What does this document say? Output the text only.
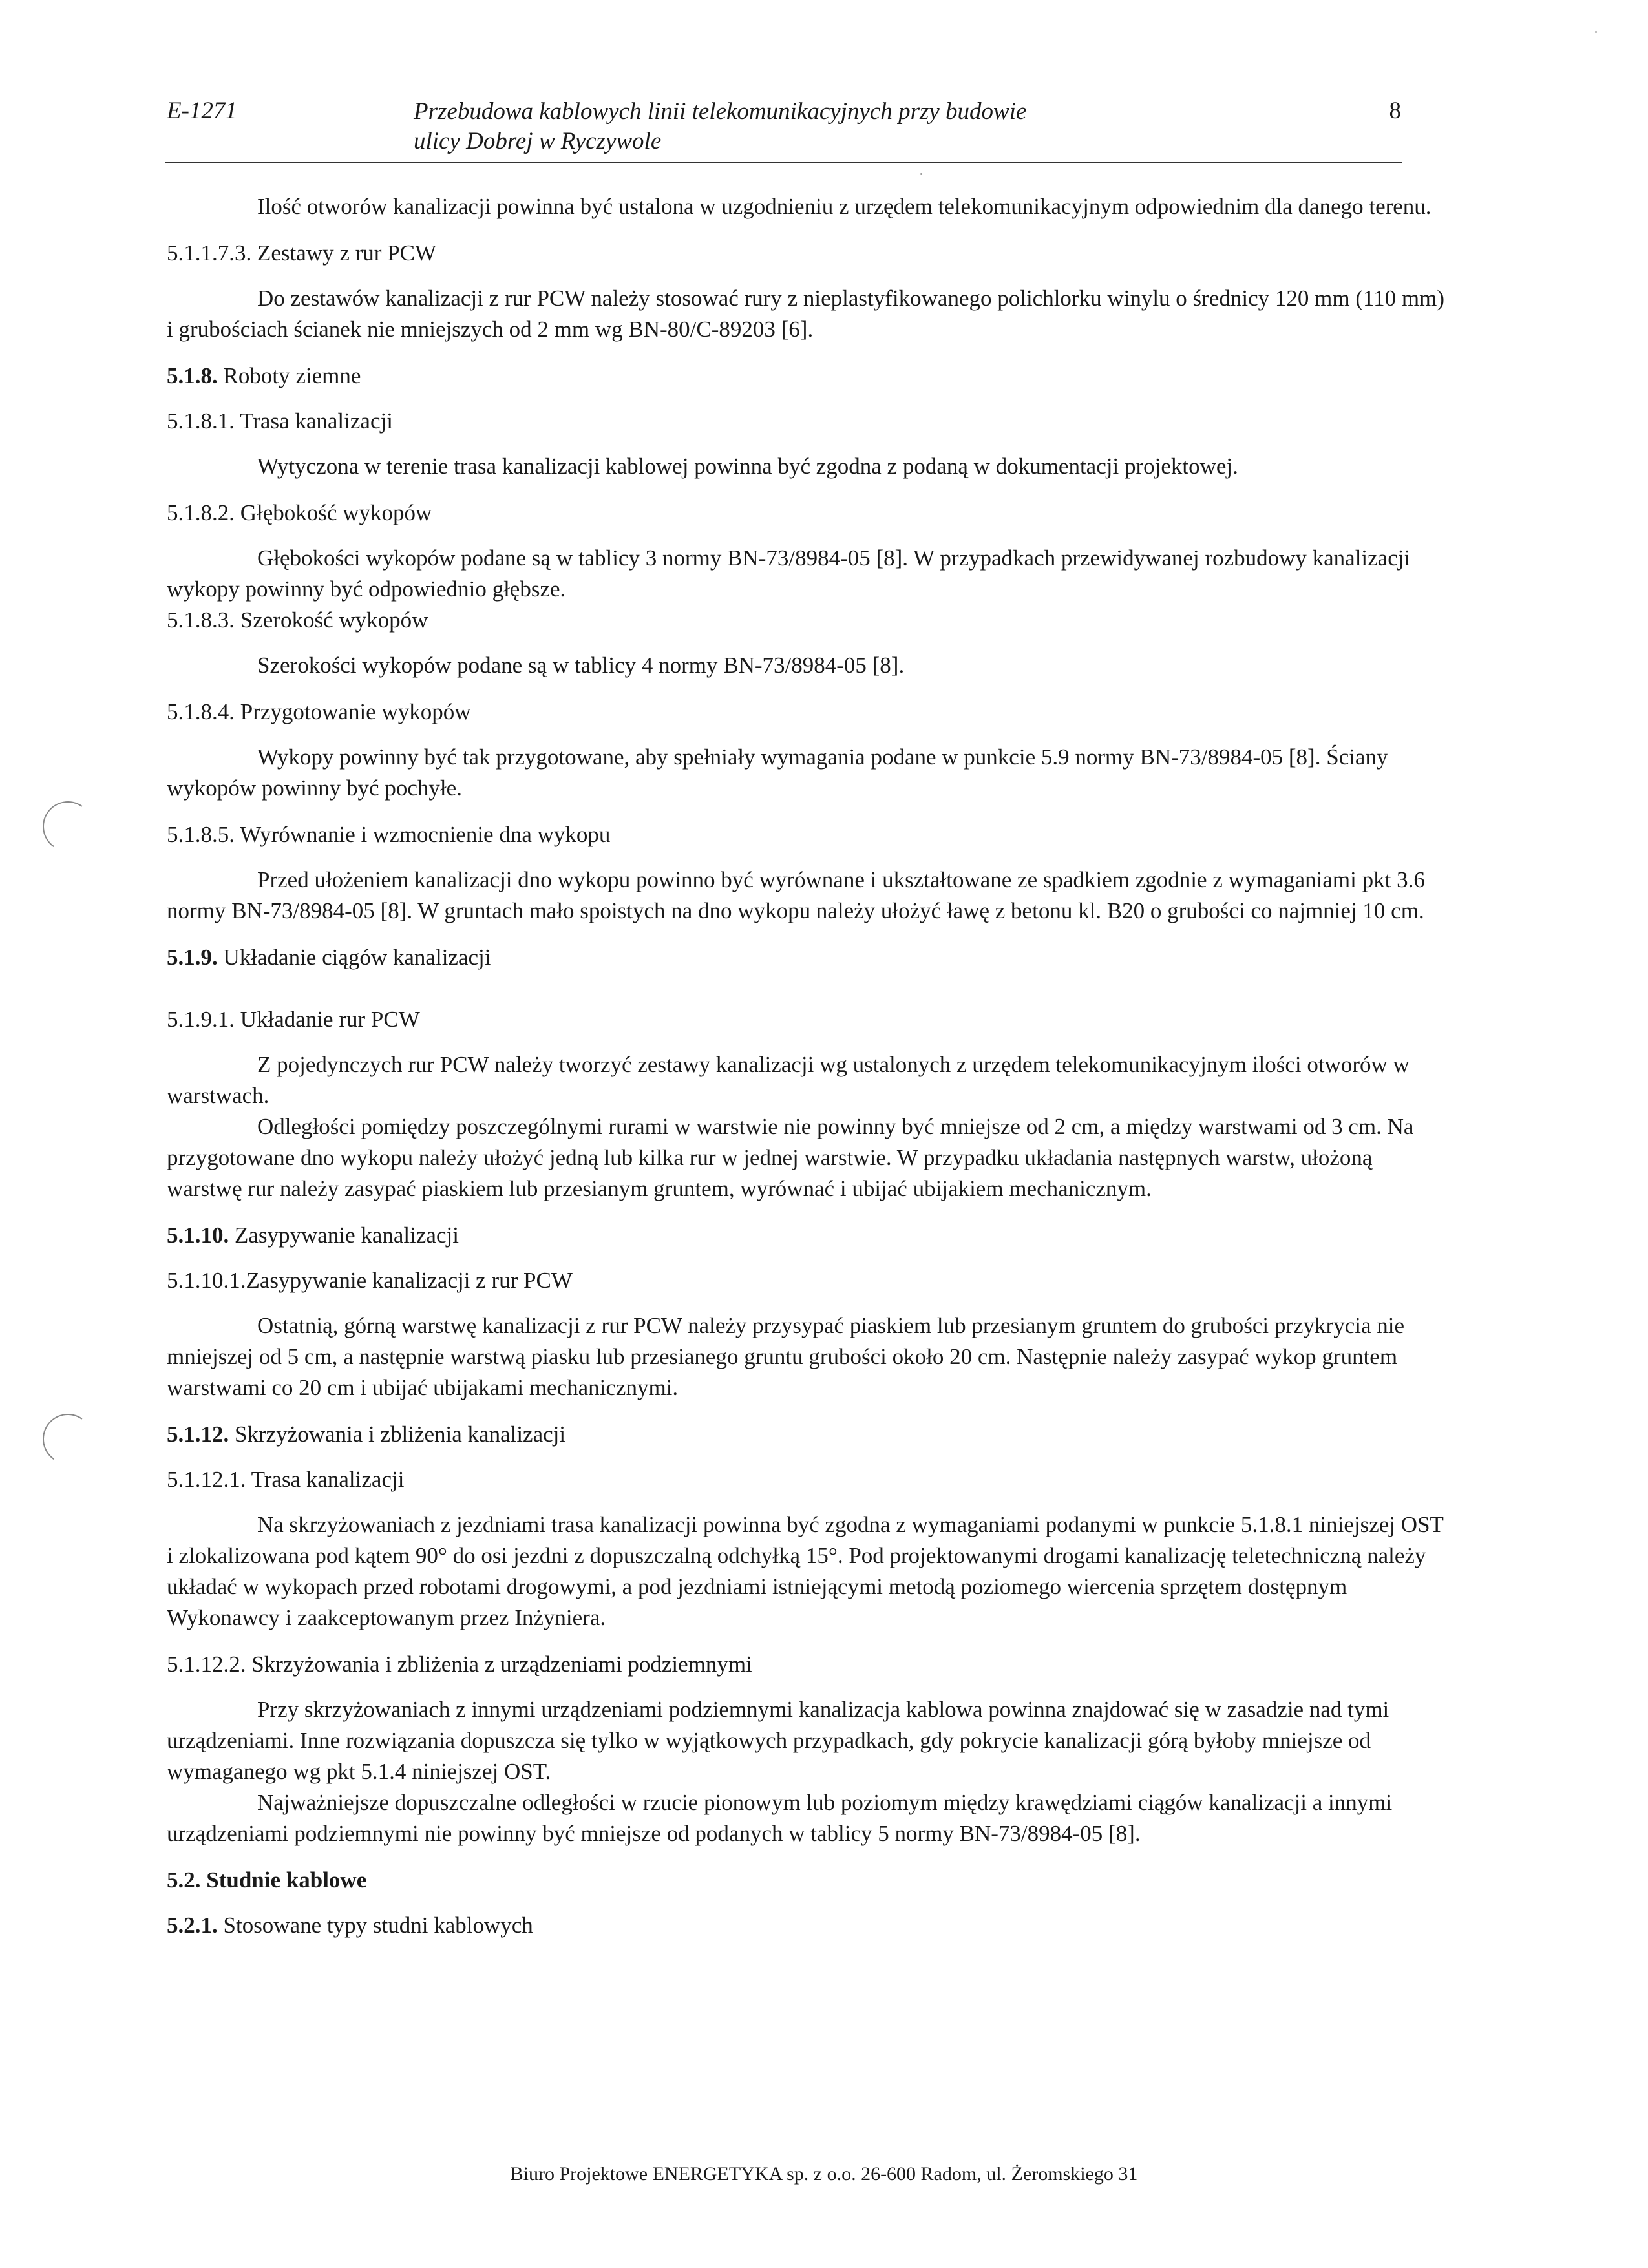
E-1271	Przebudowa kablowych linii telekomunikacyjnych przy budowie
ulicy Dobrej w Ryczywole
8

Ilość otworów kanalizacji powinna być ustalona w uzgodnieniu z urzędem telekomunikacyjnym odpowiednim dla danego terenu.

5.1.1.7.3. Zestawy z rur PCW

Do zestawów kanalizacji z rur PCW należy stosować rury z nieplastyfikowanego polichlorku winylu o średnicy 120 mm (110 mm) i grubościach ścianek nie mniejszych od 2 mm wg BN-80/C-89203 [6].

5.1.8. Roboty ziemne

5.1.8.1. Trasa kanalizacji

Wytyczona w terenie trasa kanalizacji kablowej powinna być zgodna z podaną w dokumentacji projektowej.

5.1.8.2. Głębokość wykopów

Głębokości wykopów podane są w tablicy 3 normy BN-73/8984-05 [8]. W przypadkach przewidywanej rozbudowy kanalizacji wykopy powinny być odpowiednio głębsze.

5.1.8.3. Szerokość wykopów

Szerokości wykopów podane są w tablicy 4 normy BN-73/8984-05 [8].

5.1.8.4. Przygotowanie wykopów

Wykopy powinny być tak przygotowane, aby spełniały wymagania podane w punkcie 5.9 normy BN-73/8984-05 [8]. Ściany wykopów powinny być pochyłe.

5.1.8.5. Wyrównanie i wzmocnienie dna wykopu

Przed ułożeniem kanalizacji dno wykopu powinno być wyrównane i ukształtowane ze spadkiem zgodnie z wymaganiami pkt 3.6 normy BN-73/8984-05 [8]. W gruntach mało spoistych na dno wykopu należy ułożyć ławę z betonu kl. B20 o grubości co najmniej 10 cm.

5.1.9. Układanie ciągów kanalizacji

5.1.9.1. Układanie rur PCW

Z pojedynczych rur PCW należy tworzyć zestawy kanalizacji wg ustalonych z urzędem telekomunikacyjnym ilości otworów w warstwach.

Odległości pomiędzy poszczególnymi rurami w warstwie nie powinny być mniejsze od 2 cm, a między warstwami od 3 cm. Na przygotowane dno wykopu należy ułożyć jedną lub kilka rur w jednej warstwie. W przypadku układania następnych warstw, ułożoną warstwę rur należy zasypać piaskiem lub przesianym gruntem, wyrównać i ubijać ubijakiem mechanicznym.

5.1.10. Zasypywanie kanalizacji

5.1.10.1.Zasypywanie kanalizacji z rur PCW

Ostatnią, górną warstwę kanalizacji z rur PCW należy przysypać piaskiem lub przesianym gruntem do grubości przykrycia nie mniejszej od 5 cm, a następnie warstwą piasku lub przesianego gruntu grubości około 20 cm. Następnie należy zasypać wykop gruntem warstwami co 20 cm i ubijać ubijakami mechanicznymi.

5.1.12. Skrzyżowania i zbliżenia kanalizacji

5.1.12.1. Trasa kanalizacji

Na skrzyżowaniach z jezdniami trasa kanalizacji powinna być zgodna z wymaganiami podanymi w punkcie 5.1.8.1 niniejszej OST i zlokalizowana pod kątem 90° do osi jezdni z dopuszczalną odchyłką 15°. Pod projektowanymi drogami kanalizację teletechniczną należy układać w wykopach przed robotami drogowymi, a pod jezdniami istniejącymi metodą poziomego wiercenia sprzętem dostępnym Wykonawcy i zaakceptowanym przez Inżyniera.

5.1.12.2. Skrzyżowania i zbliżenia z urządzeniami podziemnymi

Przy skrzyżowaniach z innymi urządzeniami podziemnymi kanalizacja kablowa powinna znajdować się w zasadzie nad tymi urządzeniami. Inne rozwiązania dopuszcza się tylko w wyjątkowych przypadkach, gdy pokrycie kanalizacji górą byłoby mniejsze od wymaganego wg pkt 5.1.4 niniejszej OST.

Najważniejsze dopuszczalne odległości w rzucie pionowym lub poziomym między krawędziami ciągów kanalizacji a innymi urządzeniami podziemnymi nie powinny być mniejsze od podanych w tablicy 5 normy BN-73/8984-05 [8].

5.2. Studnie kablowe

5.2.1. Stosowane typy studni kablowych

Biuro Projektowe ENERGETYKA sp. z o.o. 26-600 Radom, ul. Żeromskiego 31
